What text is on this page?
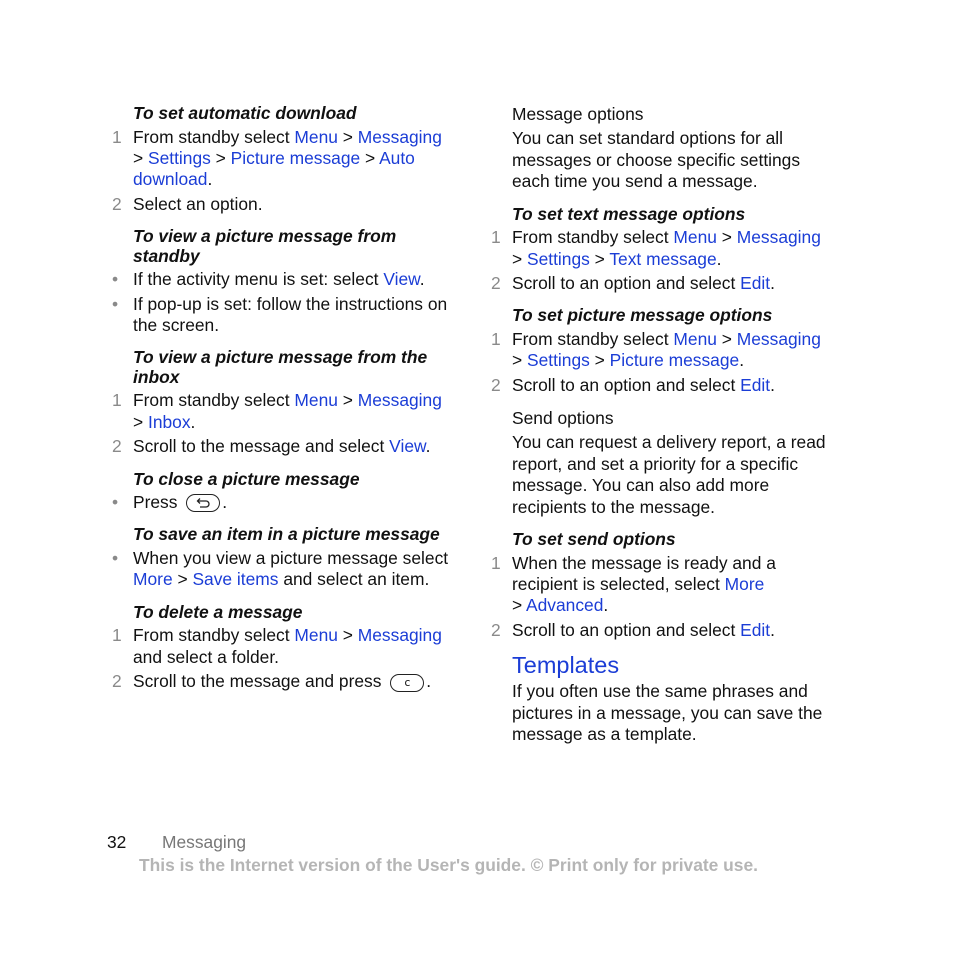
To set automatic download
1 From standby select Menu > Messaging
> Settings > Picture message > Auto download.
2 Select an option.
To view a picture message from standby
• If the activity menu is set: select View.
• If pop-up is set: follow the instructions on the screen.
To view a picture message from the inbox
1 From standby select Menu > Messaging
> Inbox.
2 Scroll to the message and select View.
To close a picture message
• Press
.
To save an item in a picture message
• When you view a picture message select More > Save items and select an item.
To delete a message
1 From standby select Menu > Messaging
and select a folder.
2 Scroll to the message and press c .
Message options
You can set standard options for all messages or choose specific settings each time you send a message.
To set text message options
1 From standby select Menu > Messaging
> Settings > Text message.
2 Scroll to an option and select Edit.
To set picture message options
1 From standby select Menu > Messaging
> Settings > Picture message.
2 Scroll to an option and select Edit.
Send options
You can request a delivery report, a read report, and set a priority for a specific message. You can also add more recipients to the message.
To set send options
1 When the message is ready and a recipient is selected, select More
> Advanced.
2 Scroll to an option and select Edit.
Templates
If you often use the same phrases and pictures in a message, you can save the message as a template.
32 Messaging
This is the Internet version of the User's guide. © Print only for private use.
